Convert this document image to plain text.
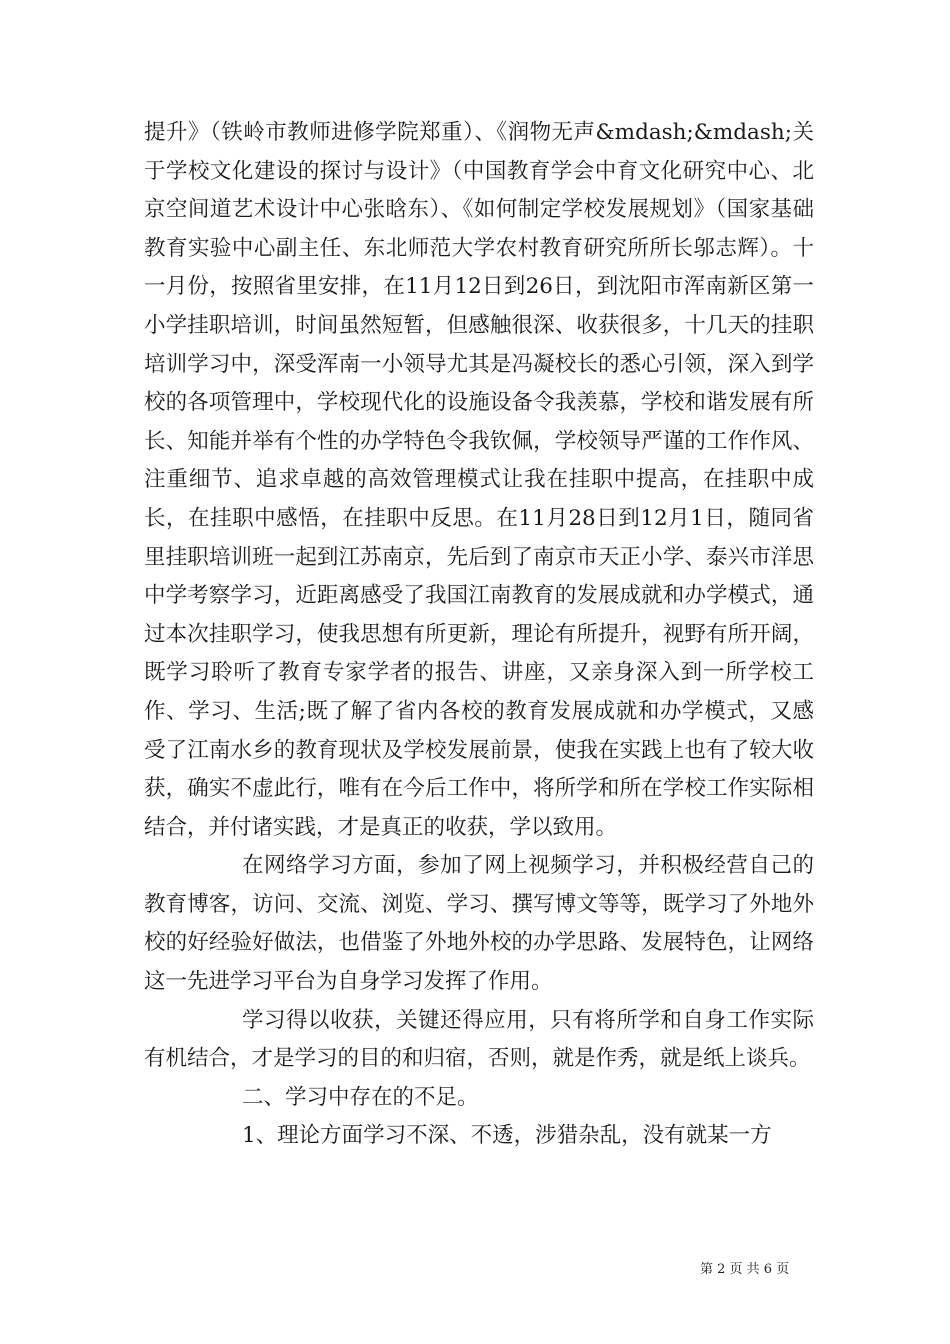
提升》（铁岭市教师进修学院郑重）、《润物无声&mdash;&mdash;关于学校文化建设的探讨与设计》（中国教育学会中育文化研究中心、北京空间道艺术设计中心张晗东）、《如何制定学校发展规划》（国家基础教育实验中心副主任、东北师范大学农村教育研究所所长邬志辉）。十一月份，按照省里安排，在11月12日到26日，到沈阳市浑南新区第一小学挂职培训，时间虽然短暂，但感触很深、收获很多，十几天的挂职培训学习中，深受浑南一小领导尤其是冯凝校长的悉心引领，深入到学校的各项管理中，学校现代化的设施设备令我羡慕，学校和谐发展有所长、知能并举有个性的办学特色令我钦佩，学校领导严谨的工作作风、注重细节、追求卓越的高效管理模式让我在挂职中提高，在挂职中成长，在挂职中感悟，在挂职中反思。在11月28日到12月1日，随同省里挂职培训班一起到江苏南京，先后到了南京市天正小学、泰兴市洋思中学考察学习，近距离感受了我国江南教育的发展成就和办学模式，通过本次挂职学习，使我思想有所更新，理论有所提升，视野有所开阔，既学习聆听了教育专家学者的报告、讲座，又亲身深入到一所学校工作、学习、生活;既了解了省内各校的教育发展成就和办学模式，又感受了江南水乡的教育现状及学校发展前景，使我在实践上也有了较大收获，确实不虚此行，唯有在今后工作中，将所学和所在学校工作实际相结合，并付诸实践，才是真正的收获，学以致用。

在网络学习方面，参加了网上视频学习，并积极经营自己的教育博客，访问、交流、浏览、学习、撰写博文等等，既学习了外地外校的好经验好做法，也借鉴了外地外校的办学思路、发展特色，让网络这一先进学习平台为自身学习发挥了作用。

学习得以收获，关键还得应用，只有将所学和自身工作实际有机结合，才是学习的目的和归宿，否则，就是作秀，就是纸上谈兵。

二、学习中存在的不足。

1、理论方面学习不深、不透，涉猎杂乱，没有就某一方

第 2 页 共 6 页
